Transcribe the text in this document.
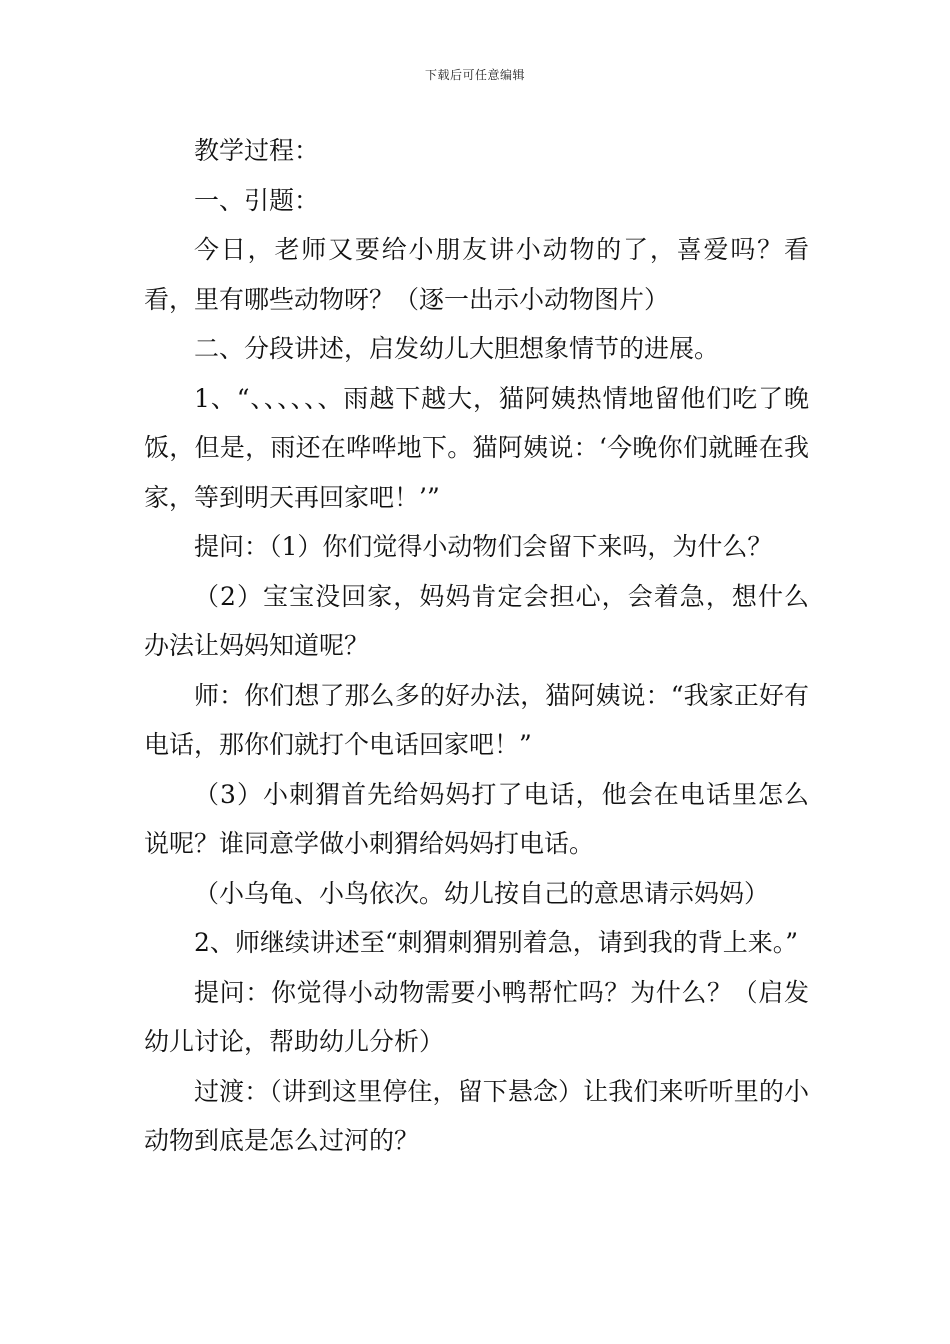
下载后可任意编辑

教学过程：

一、引题：

今日，老师又要给小朋友讲小动物的了，喜爱吗？看看，里有哪些动物呀？（逐一出示小动物图片）

二、分段讲述，启发幼儿大胆想象情节的进展。

1、“、、、、、、雨越下越大，猫阿姨热情地留他们吃了晚饭，但是，雨还在哗哗地下。猫阿姨说：‘今晚你们就睡在我家，等到明天再回家吧！’”

提问：（1）你们觉得小动物们会留下来吗，为什么？

（2）宝宝没回家，妈妈肯定会担心，会着急，想什么办法让妈妈知道呢？

师：你们想了那么多的好办法，猫阿姨说：“我家正好有电话，那你们就打个电话回家吧！”

（3）小刺猬首先给妈妈打了电话，他会在电话里怎么说呢？谁同意学做小刺猬给妈妈打电话。

（小乌龟、小鸟依次。幼儿按自己的意思请示妈妈）

2、师继续讲述至“刺猬刺猬别着急，请到我的背上来。”

提问：你觉得小动物需要小鸭帮忙吗？为什么？（启发幼儿讨论，帮助幼儿分析）

过渡：（讲到这里停住，留下悬念）让我们来听听里的小动物到底是怎么过河的？
